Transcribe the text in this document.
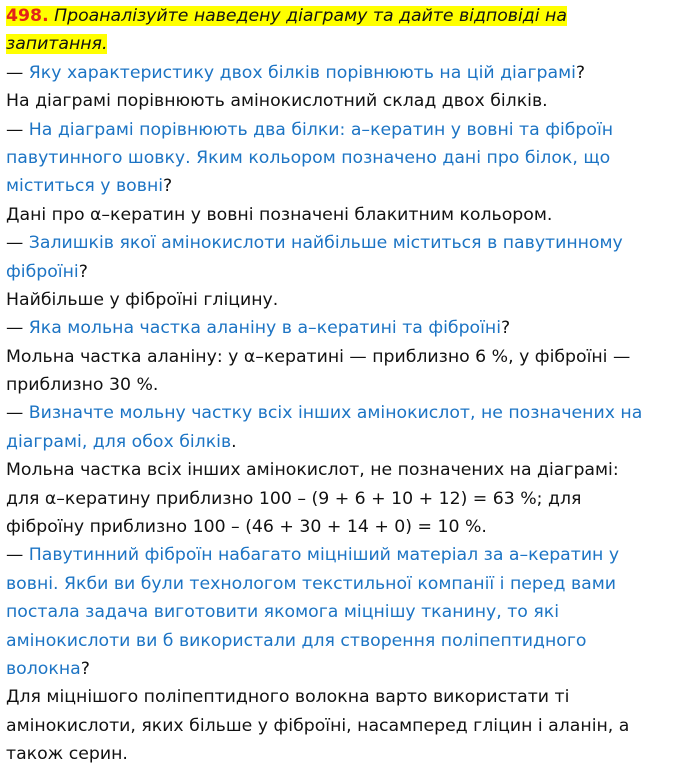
498. Проаналізуйте наведену діаграму та дайте відповіді на
запитання.
— Яку характеристику двох білків порівнюють на цій діаграмі?
На діаграмі порівнюють амінокислотний склад двох білків.
— На діаграмі порівнюють два білки: а–кератин у вовні та фіброїн
павутинного шовку. Яким кольором позначено дані про білок, що
міститься у вовні?
Дані про α–кератин у вовні позначені блакитним кольором.
— Залишків якої амінокислоти найбільше міститься в павутинному
фіброїні?
Найбільше у фіброїні гліцину.
— Яка мольна частка аланіну в а–кератині та фіброїні?
Мольна частка аланіну: у α–кератині — приблизно 6 %, у фіброїні —
приблизно 30 %.
— Визначте мольну частку всіх інших амінокислот, не позначених на
діаграмі, для обох білків.
Мольна частка всіх інших амінокислот, не позначених на діаграмі:
для α–кератину приблизно 100 – (9 + 6 + 10 + 12) = 63 %; для
фіброїну приблизно 100 – (46 + 30 + 14 + 0) = 10 %.
— Павутинний фіброїн набагато міцніший матеріал за а–кератин у
вовні. Якби ви були технологом текстильної компанії і перед вами
постала задача виготовити якомога міцнішу тканину, то які
амінокислоти ви б використали для створення поліпептидного
волокна?
Для міцнішого поліпептидного волокна варто використати ті
амінокислоти, яких більше у фіброїні, насамперед гліцин і аланін, а
також серин.
